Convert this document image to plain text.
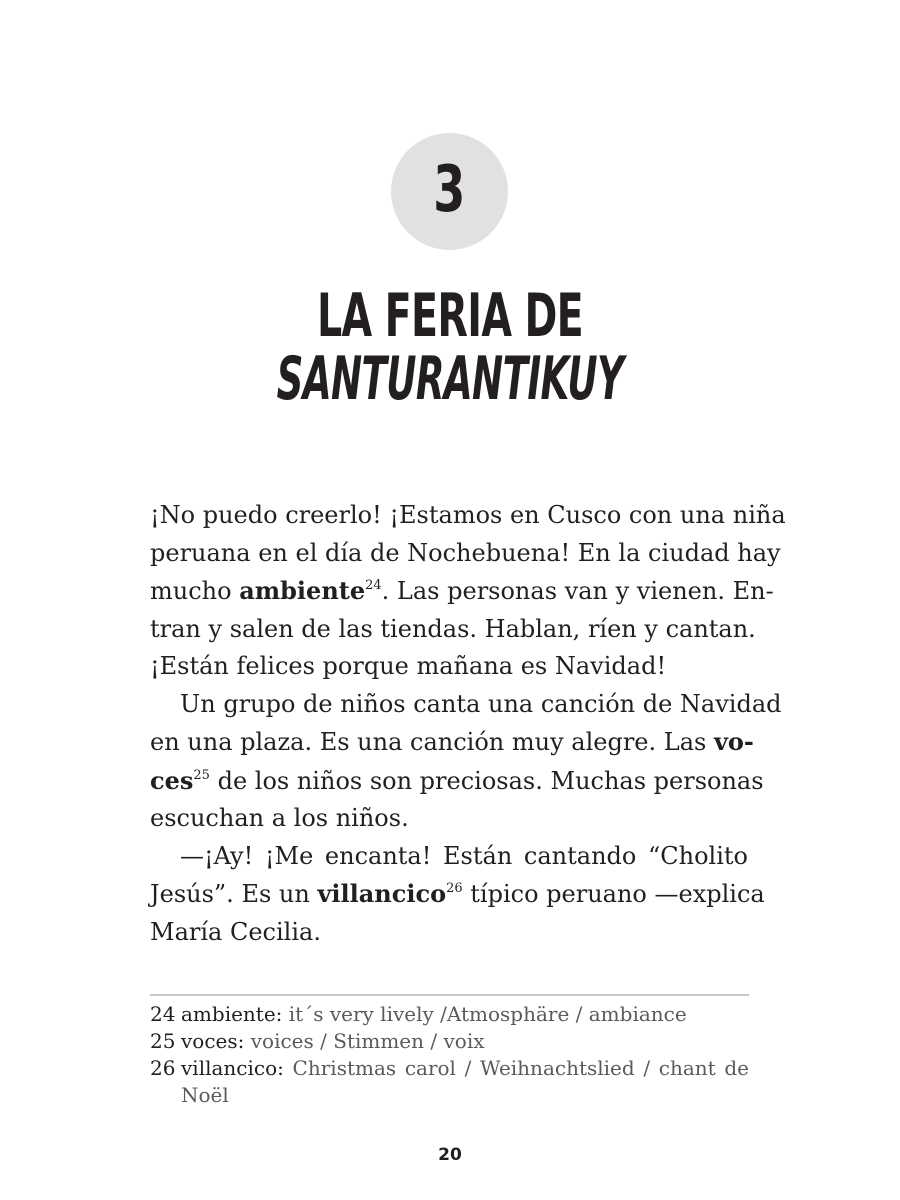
3
LA FERIA DE
SANTURANTIKUY

¡No puedo creerlo! ¡Estamos en Cusco con una niña
peruana en el día de Nochebuena! En la ciudad hay
mucho ambiente$^{24}$. Las personas van y vienen. En-
tran y salen de las tiendas. Hablan, ríen y cantan.
¡Están felices porque mañana es Navidad!

Un grupo de niños canta una canción de Navidad
en una plaza. Es una canción muy alegre. Las vo-
ces$^{25}$ de los niños son preciosas. Muchas personas
escuchan a los niños.

—¡Ay! ¡Me encanta! Están cantando “Cholito
Jesús”. Es un villancico$^{26}$ típico peruano —explica
María Cecilia.

24 ambiente: it´s very lively /Atmosphäre / ambiance
25 voces: voices / Stimmen / voix
26 villancico: Christmas carol / Weihnachtslied / chant de Noël
20
